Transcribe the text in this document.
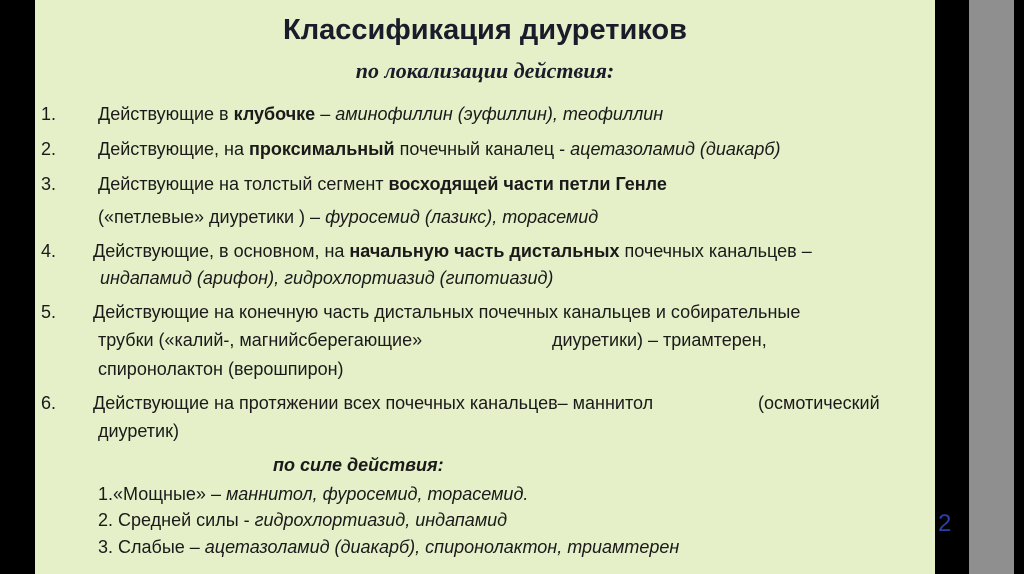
Классификация диуретиков
по локализации действия:
1. Действующие в клубочке – аминофиллин (эуфиллин), теофиллин
2. Действующие, на проксимальный почечный каналец - ацетазоламид (диакарб)
3. Действующие на толстый сегмент восходящей части петли Генле
(«петлевые» диуретики ) – фуросемид (лазикс), торасемид
4. Действующие, в основном, на начальную часть дистальных почечных канальцев –
индапамид (арифон), гидрохлортиазид (гипотиазид)
5. Действующие на конечную часть дистальных почечных канальцев и собирательные
трубки («калий-, магнийсберегающие»	диуретики) – триамтерен,
спиронолактон (верошпирон)
6. Действующие на протяжении всех почечных канальцев– маннитол	(осмотический
диуретик)
по силе действия:
1.«Мощные» – маннитол, фуросемид, торасемид.
2. Средней силы - гидрохлортиазид, индапамид
3. Слабые – ацетазоламид (диакарб), спиронолактон, триамтерен
2
